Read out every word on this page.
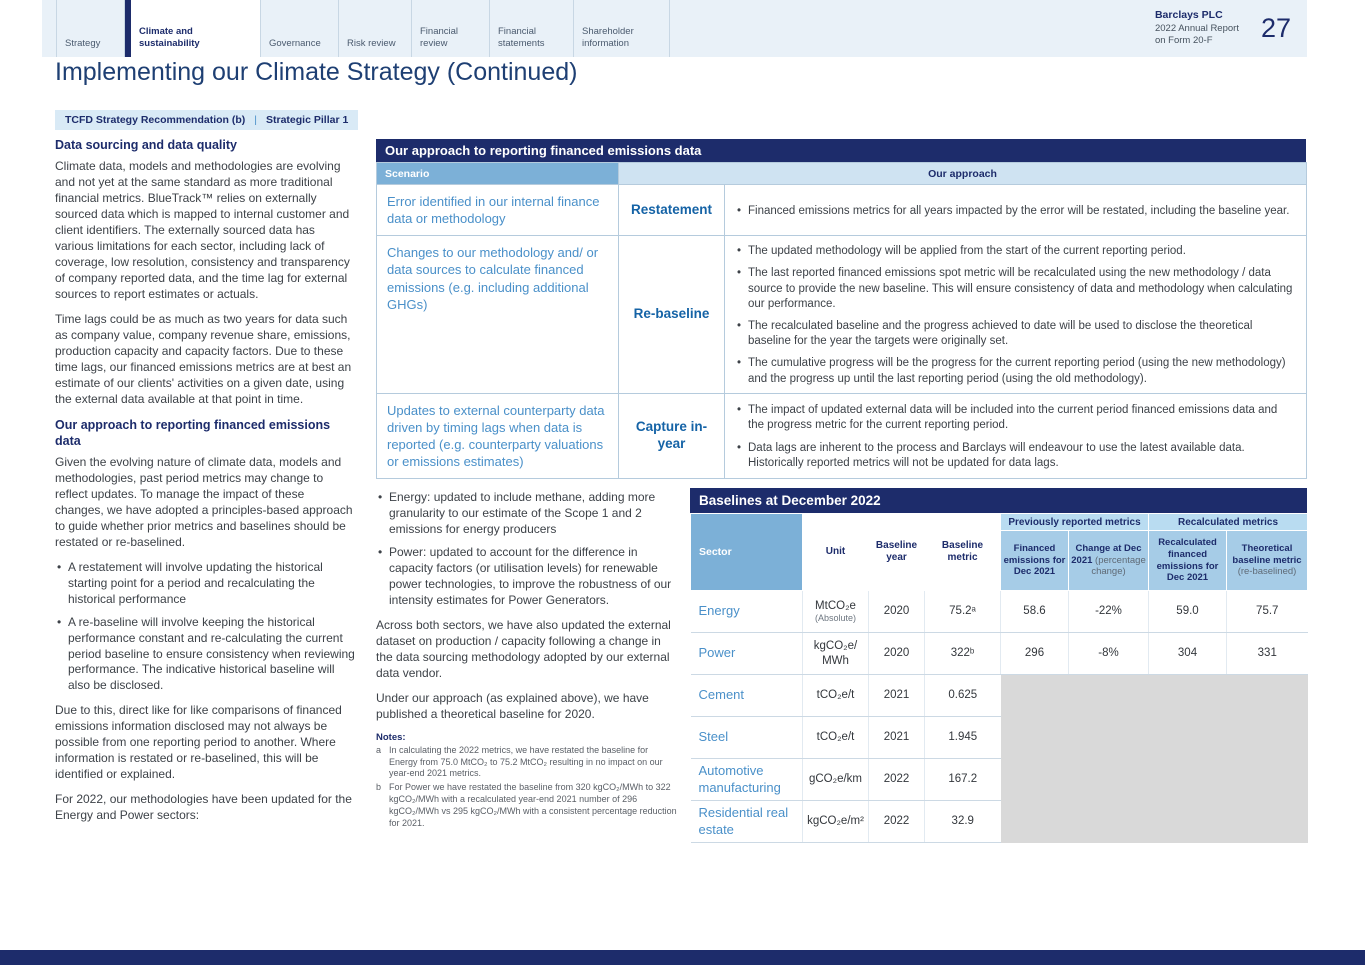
Strategy
Climate and sustainability	Governance	Risk review
Financial review
Financial statements
Shareholder information
Barclays PLC
2022 Annual Report
on Form 20-F	27
Implementing our Climate Strategy (Continued)
TCFD Strategy Recommendation (b) | Strategic Pillar 1
Data sourcing and data quality

Climate data, models and methodologies are evolving and not yet at the same standard as more traditional financial metrics. BlueTrack™ relies on externally sourced data which is mapped to internal customer and client identifiers. The externally sourced data has various limitations for each sector, including lack of coverage, low resolution, consistency and transparency of company reported data, and the time lag for external sources to report estimates or actuals.

Time lags could be as much as two years for data such as company value, company revenue share, emissions, production capacity and capacity factors. Due to these time lags, our financed emissions metrics are at best an estimate of our clients' activities on a given date, using the external data available at that point in time.

Our approach to reporting financed emissions data

Given the evolving nature of climate data, models and methodologies, past period metrics may change to reflect updates. To manage the impact of these changes, we have adopted a principles-based approach to guide whether prior metrics and baselines should be restated or re-baselined.

• A restatement will involve updating the historical starting point for a period and recalculating the historical performance
• A re-baseline will involve keeping the historical performance constant and re-calculating the current period baseline to ensure consistency when reviewing performance. The indicative historical baseline will also be disclosed.

Due to this, direct like for like comparisons of financed emissions information disclosed may not always be possible from one reporting period to another. Where information is restated or re-baselined, this will be identified or explained.

For 2022, our methodologies have been updated for the Energy and Power sectors:

Our approach to reporting financed emissions data
Scenario	Our approach	
Error identified in our internal finance data or methodology	Restatement	
•Financed emissions metrics for all years impacted by the error will be restated, including the baseline year.

Changes to our methodology and/ or data sources to calculate financed emissions (e.g. including additional GHGs)	Re-baseline	
• The updated methodology will be applied from the start of the current reporting period.
• The last reported financed emissions spot metric will be recalculated using the new methodology / data source to provide the new baseline. This will ensure consistency of data and methodology when calculating our performance.
• The recalculated baseline and the progress achieved to date will be used to disclose the theoretical baseline for the year the targets were originally set.
• The cumulative progress will be the progress for the current reporting period (using the new methodology) and the progress up until the last reporting period (using the old methodology).

Updates to external counterparty data driven by timing lags when data is reported (e.g. counterparty valuations or emissions estimates)	Capture in-year	
• The impact of updated external data will be included into the current period financed emissions data and the progress metric for the current reporting period.
• Data lags are inherent to the process and Barclays will endeavour to use the latest available data. Historically reported metrics will not be updated for data lags.
• Energy: updated to include methane, adding more granularity to our estimate of the Scope 1 and 2 emissions for energy producers
• Power: updated to account for the difference in capacity factors (or utilisation levels) for renewable power technologies, to improve the robustness of our intensity estimates for Power Generators.

Across both sectors, we have also updated the external dataset on production / capacity following a change in the data sourcing methodology adopted by our external data vendor.

Under our approach (as explained above), we have published a theoretical baseline for 2020.

Notes:
a In calculating the 2022 metrics, we have restated the baseline for Energy from 75.0 MtCO₂ to 75.2 MtCO₂ resulting in no impact on our year-end 2021 metrics.
b For Power we have restated the baseline from 320 kgCO₂/MWh to 322 kgCO₂/MWh with a recalculated year-end 2021 number of 296 kgCO₂/MWh vs 295 kgCO₂/MWh with a consistent percentage reduction for 2021.
Baselines at December 2022
Sector	Unit	Baseline year	Baseline metric	Previously reported metrics		Recalculated metrics	
				Financed emissions for Dec 2021	Change at Dec 2021 (percentage change)	Recalculated financed emissions for Dec 2021	Theoretical baseline metric (re-baselined)
Energy	MtCO₂e
(Absolute)	2020	75.2ᵃ	58.6	-22%	59.0	75.7
Power	kgCO₂e/ MWh	2020	322ᵇ	296	-8%	304	331
Cement	tCO₂e/t	2021	0.625				
Steel	tCO₂e/t	2021	1.945				
Automotive manufacturing	gCO₂e/km	2022	167.2				
Residential real estate	kgCO₂e/m²	2022	32.9				
